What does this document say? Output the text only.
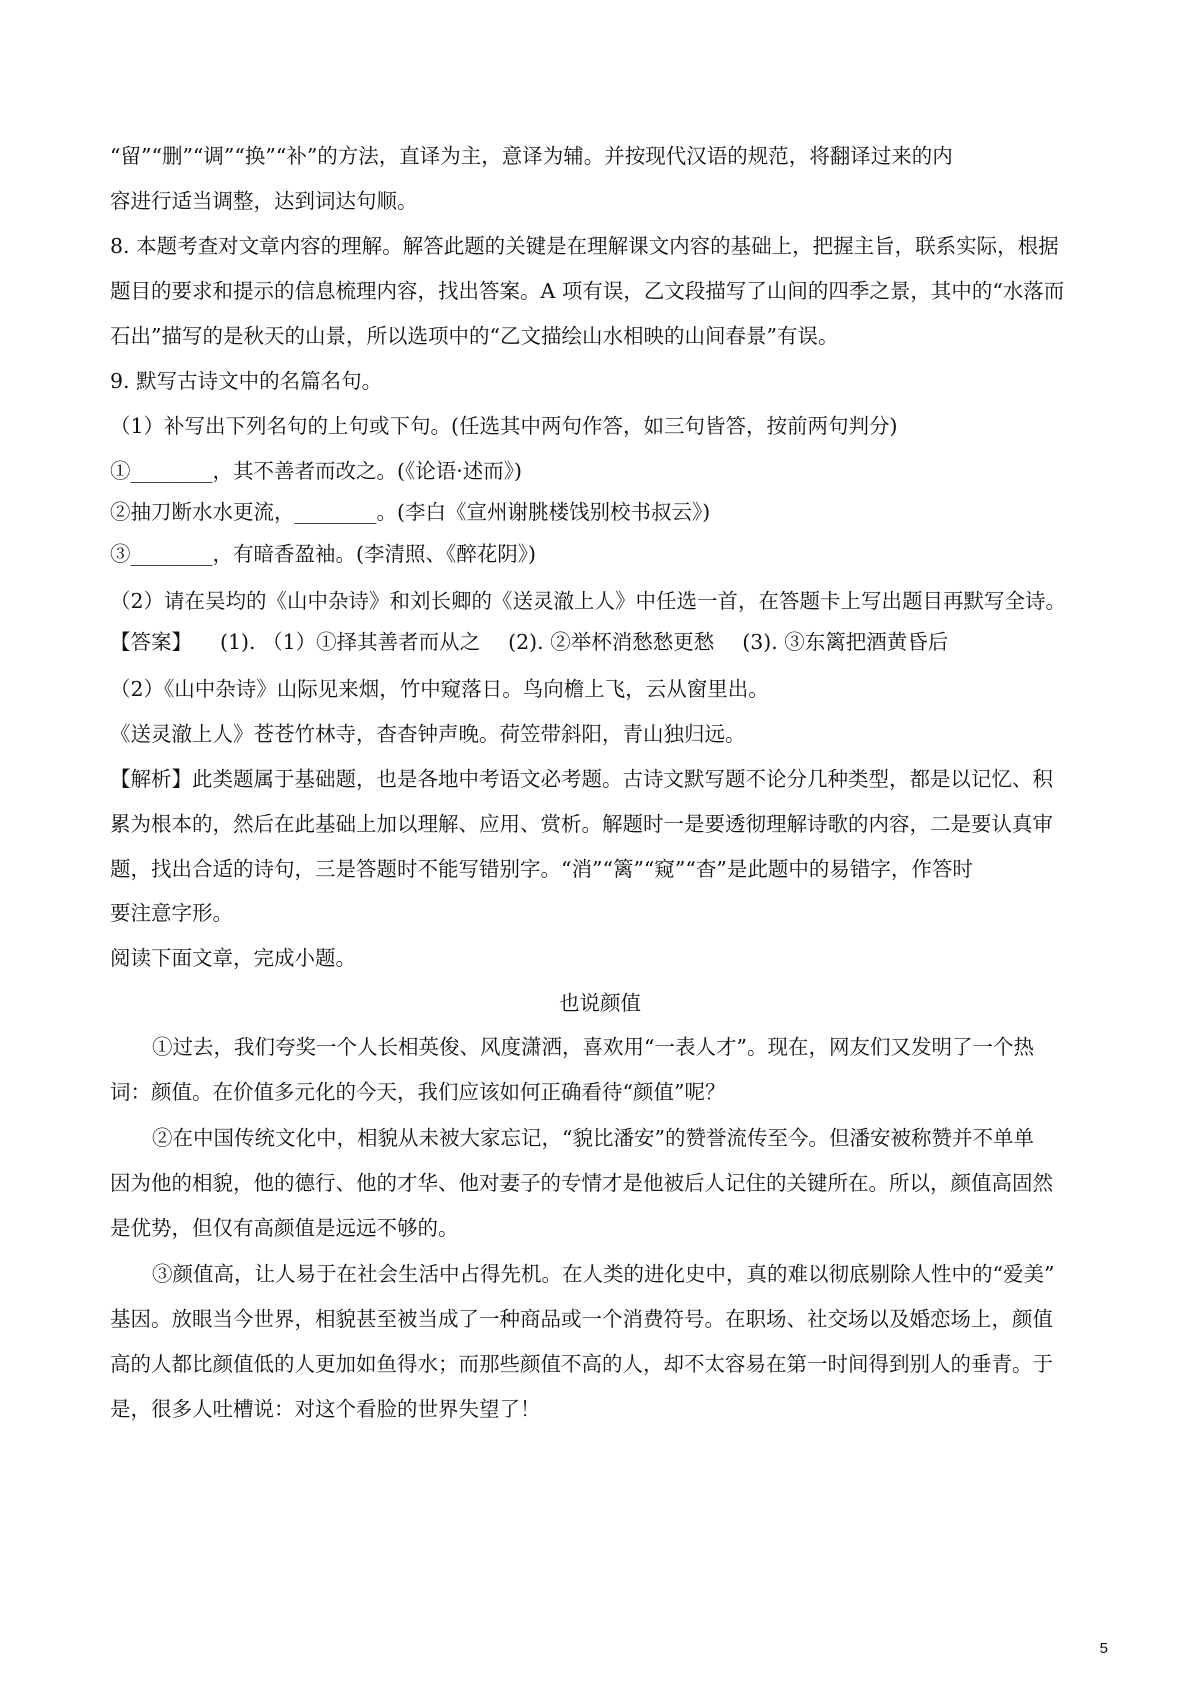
“留”“删”“调”“换”“补”的方法，直译为主，意译为辅。并按现代汉语的规范，将翻译过来的内
容进行适当调整，达到词达句顺。
8. 本题考查对文章内容的理解。解答此题的关键是在理解课文内容的基础上，把握主旨，联系实际，根据
题目的要求和提示的信息梳理内容，找出答案。A 项有误，乙文段描写了山间的四季之景，其中的“水落而
石出”描写的是秋天的山景，所以选项中的“乙文描绘山水相映的山间春景”有误。
9. 默写古诗文中的名篇名句。
（1）补写出下列名句的上句或下句。(任选其中两句作答，如三句皆答，按前两句判分)
①________，其不善者而改之。(《论语·述而》)
②抽刀断水水更流，________。(李白《宣州谢朓楼饯别校书叔云》)
③________，有暗香盈袖。(李清照、《醉花阴》)
（2）请在吴均的《山中杂诗》和刘长卿的《送灵澈上人》中任选一首，在答题卡上写出题目再默写全诗。
【答案】 (1). （1）①择其善者而从之 (2). ②举杯消愁愁更愁 (3). ③东篱把酒黄昏后
（2）《山中杂诗》山际见来烟，竹中窥落日。鸟向檐上飞，云从窗里出。
《送灵澈上人》苍苍竹林寺，杳杳钟声晚。荷笠带斜阳，青山独归远。
【解析】此类题属于基础题，也是各地中考语文必考题。古诗文默写题不论分几种类型，都是以记忆、积
累为根本的，然后在此基础上加以理解、应用、赏析。解题时一是要透彻理解诗歌的内容，二是要认真审
题，找出合适的诗句，三是答题时不能写错别字。“消”“篱”“窥”“杳”是此题中的易错字，作答时
要注意字形。
阅读下面文章，完成小题。
也说颜值
①过去，我们夸奖一个人长相英俊、风度潇洒，喜欢用“一表人才”。现在，网友们又发明了一个热
词：颜值。在价值多元化的今天，我们应该如何正确看待“颜值”呢？
②在中国传统文化中，相貌从未被大家忘记，“貌比潘安”的赞誉流传至今。但潘安被称赞并不单单
因为他的相貌，他的德行、他的才华、他对妻子的专情才是他被后人记住的关键所在。所以，颜值高固然
是优势，但仅有高颜值是远远不够的。
③颜值高，让人易于在社会生活中占得先机。在人类的进化史中，真的难以彻底剔除人性中的“爱美”
基因。放眼当今世界，相貌甚至被当成了一种商品或一个消费符号。在职场、社交场以及婚恋场上，颜值
高的人都比颜值低的人更加如鱼得水；而那些颜值不高的人，却不太容易在第一时间得到别人的垂青。于
是，很多人吐槽说：对这个看脸的世界失望了！
5
